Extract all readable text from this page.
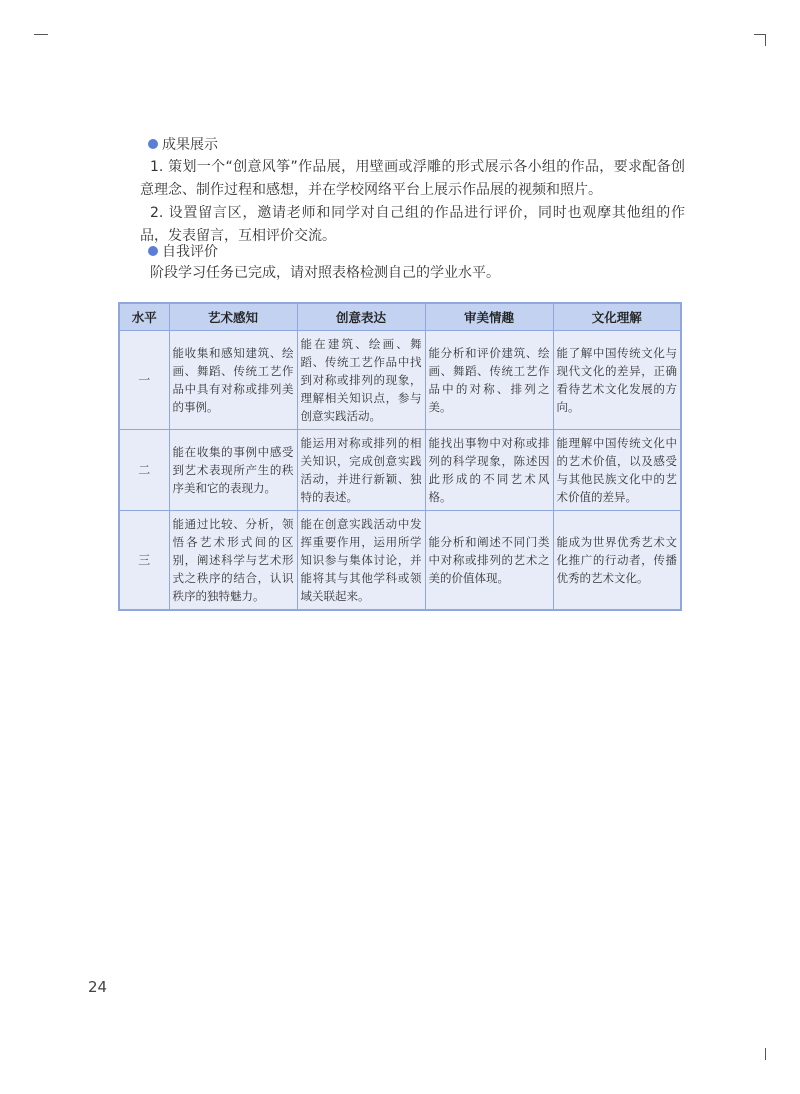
成果展示
1. 策划一个“创意风筝”作品展，用壁画或浮雕的形式展示各小组的作品，要求配备创意理念、制作过程和感想，并在学校网络平台上展示作品展的视频和照片。
2. 设置留言区，邀请老师和同学对自己组的作品进行评价，同时也观摩其他组的作品，发表留言，互相评价交流。
自我评价
阶段学习任务已完成，请对照表格检测自己的学业水平。
水平	艺术感知	创意表达	审美情趣	文化理解
一	能收集和感知建筑、绘画、舞蹈、传统工艺作品中具有对称或排列美的事例。	能在建筑、绘画、舞蹈、传统工艺作品中找到对称或排列的现象，理解相关知识点，参与创意实践活动。	能分析和评价建筑、绘画、舞蹈、传统工艺作品中的对称、排列之美。	能了解中国传统文化与现代文化的差异，正确看待艺术文化发展的方向。
二	能在收集的事例中感受到艺术表现所产生的秩序美和它的表现力。	能运用对称或排列的相关知识，完成创意实践活动，并进行新颖、独特的表述。	能找出事物中对称或排列的科学现象，陈述因此形成的不同艺术风格。	能理解中国传统文化中的艺术价值，以及感受与其他民族文化中的艺术价值的差异。
三	能通过比较、分析，领悟各艺术形式间的区别，阐述科学与艺术形式之秩序的结合，认识秩序的独特魅力。	能在创意实践活动中发挥重要作用，运用所学知识参与集体讨论，并能将其与其他学科或领域关联起来。	能分析和阐述不同门类中对称或排列的艺术之美的价值体现。	能成为世界优秀艺术文化推广的行动者，传播优秀的艺术文化。
24
